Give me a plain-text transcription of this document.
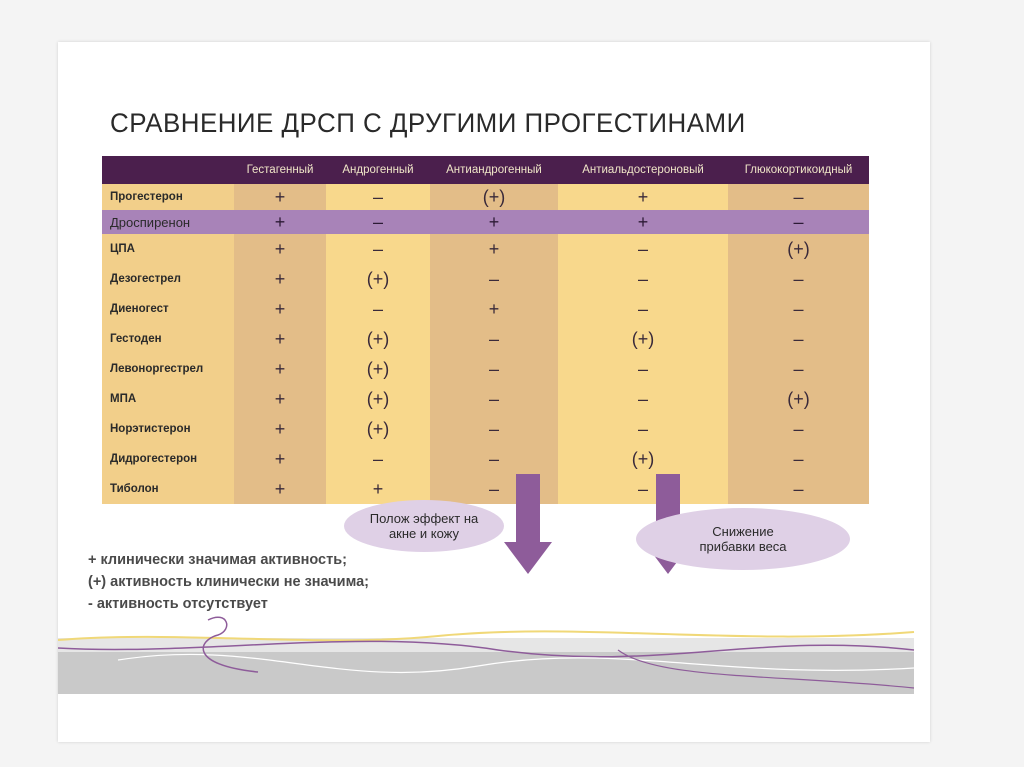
СРАВНЕНИЕ ДРСП С ДРУГИМИ ПРОГЕСТИНАМИ
	Гестагенный	Андрогенный	Антиандрогенный	Антиальдостероновый	Глюкокортикоидный
Прогестерон	+	–	(+)	+	–
Дроспиренон	+	–	+	+	–
ЦПА	+	–	+	–	(+)
Дезогестрел	+	(+)	–	–	–
Диеногест	+	–	+	–	–
Гестоден	+	(+)	–	(+)	–
Левоноргестрел	+	(+)	–	–	–
МПА	+	(+)	–	–	(+)
Норэтистерон	+	(+)	–	–	–
Дидрогестерон	+	–	–	(+)	–
Тиболон	+	+	–	–	–
Полож эффект на
акне и кожу	Снижение
прибавки веса
+ клинически значимая активность;
(+) активность клинически не значима;
- активность отсутствует
